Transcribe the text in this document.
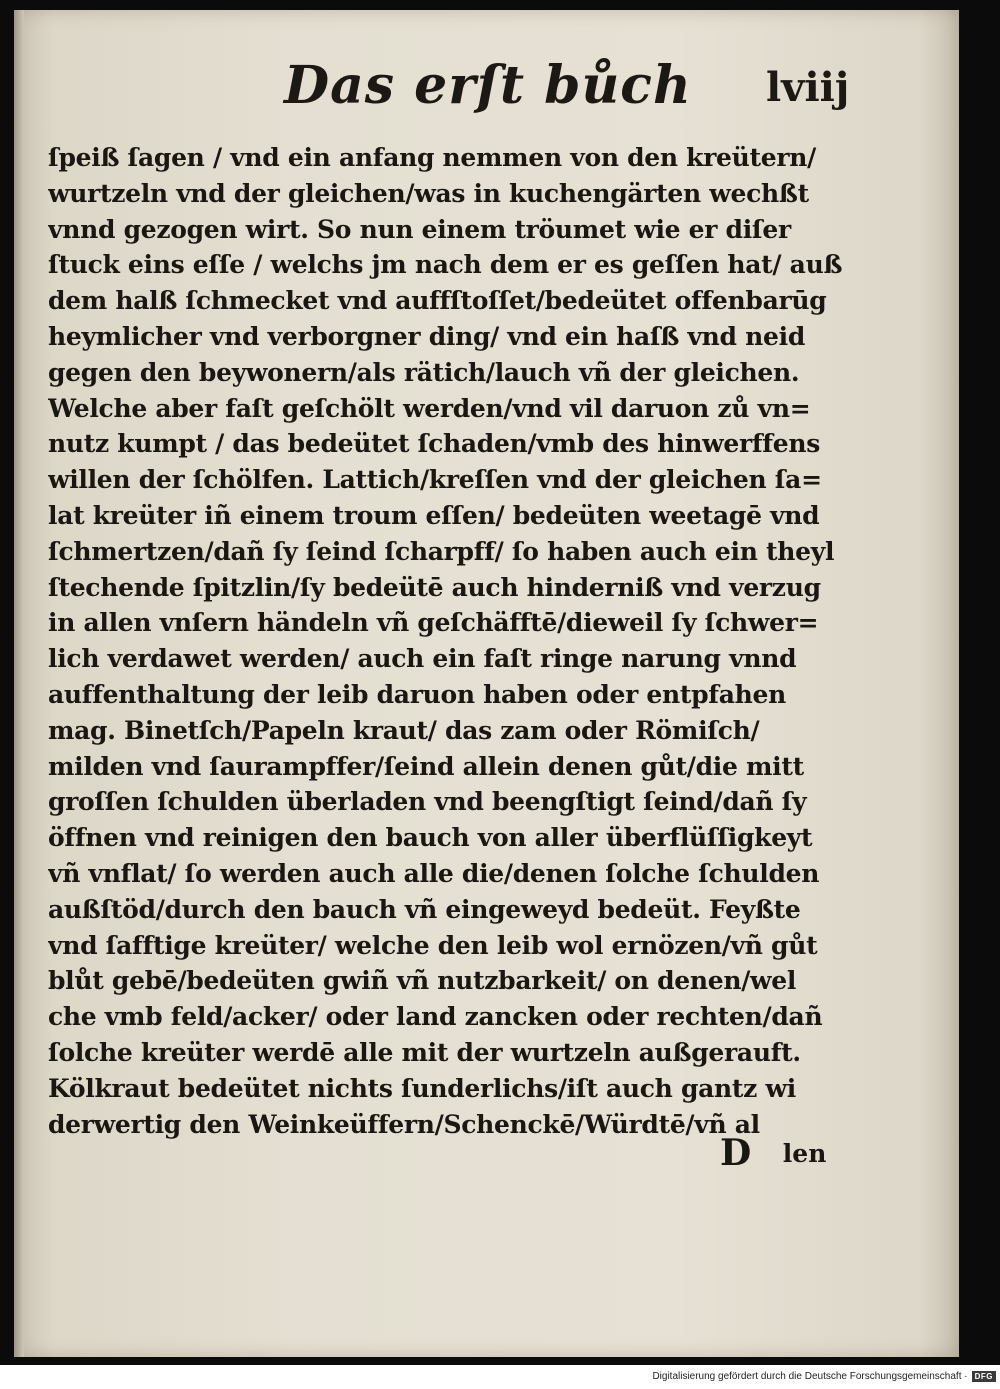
Das erſt bůch lviij
ſpeiß ſagen / vnd ein anfang nemmen von den kreütern/
wurtzeln vnd der gleichen/was in kuchengärten wechßt
vnnd gezogen wirt. So nun einem tröumet wie er diſer
ſtuck eins eſſe / welchs jm nach dem er es geſſen hat/ auß
dem halß ſchmecket vnd auffſtoſſet/bedeütet offenbarūg
heymlicher vnd verborgner ding/ vnd ein haſß vnd neid
gegen den beywonern/als rätich/lauch vñ der gleichen.
Welche aber faſt geſchölt werden/vnd vil daruon zů vn=
nutz kumpt / das bedeütet ſchaden/vmb des hinwerffens
willen der ſchölfen. Lattich/kreſſen vnd der gleichen ſa=
lat kreüter iñ einem troum eſſen/ bedeüten weetagē vnd
ſchmertzen/dañ ſy ſeind ſcharpff/ ſo haben auch ein theyl
ſtechende ſpitzlin/ſy bedeütē auch hinderniß vnd verzug
in allen vnſern händeln vñ geſchäfftē/dieweil ſy ſchwer=
lich verdawet werden/ auch ein faſt ringe narung vnnd
auffenthaltung der leib daruon haben oder entpfahen
mag. Binetſch/Papeln kraut/ das zam oder Römiſch/
milden vnd ſaurampffer/ſeind allein denen gůt/die mitt
groſſen ſchulden überladen vnd beengſtigt ſeind/dañ ſy
öffnen vnd reinigen den bauch von aller überflüſſigkeyt
vñ vnflat/ ſo werden auch alle die/denen ſolche ſchulden
außſtöd/durch den bauch vñ eingeweyd bedeüt. Feyßte
vnd ſafftige kreüter/ welche den leib wol ernözen/vñ gůt
blůt gebē/bedeüten gwiñ vñ nutzbarkeit/ on denen/wel
che vmb feld/acker/ oder land zancken oder rechten/dañ
ſolche kreüter werdē alle mit der wurtzeln außgerauft.
Kölkraut bedeütet nichts ſunderlichs/iſt auch gantz wi
derwertig den Weinkeüffern/Schenckē/Würdtē/vñ al
D len
Digitalisierung gefördert durch die Deutsche Forschungsgemeinschaft · DFG
